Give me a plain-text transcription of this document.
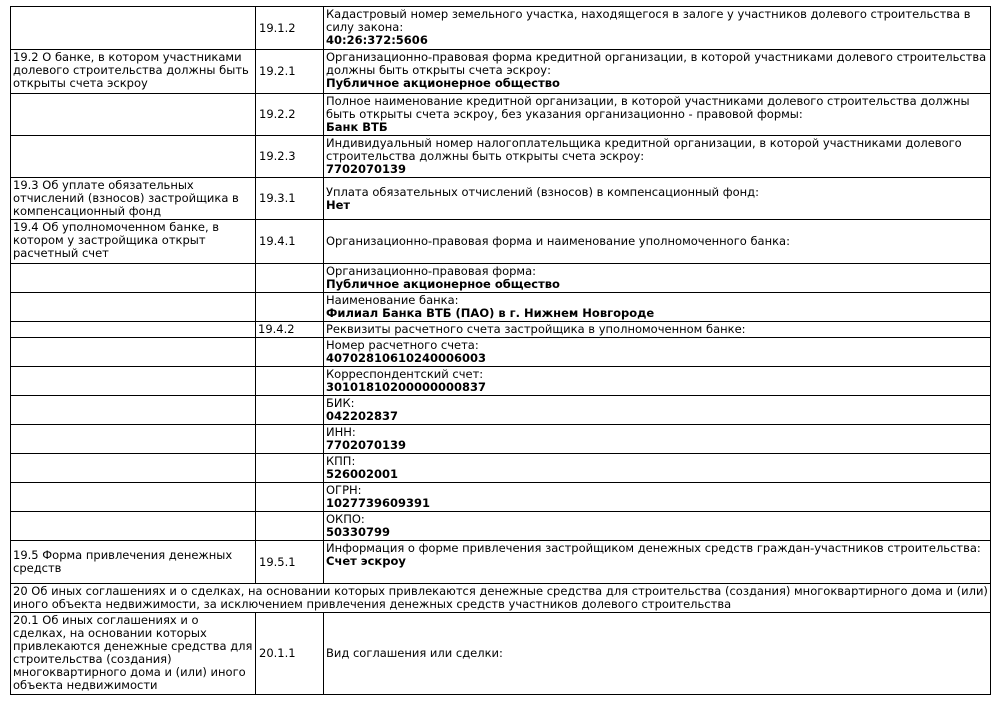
	19.1.2	Кадастровый номер земельного участка, находящегося в залоге у участников долевого строительства в силу закона:
40:26:372:5606

19.2 О банке, в котором участниками долевого строительства должны быть открыты счета эскроу	19.2.1	Организационно-правовая форма кредитной организации, в которой участниками долевого строительства должны быть открыты счета эскроу:
Публичное акционерное общество

	19.2.2	Полное наименование кредитной организации, в которой участниками долевого строительства должны быть открыты счета эскроу, без указания организационно - правовой формы:
Банк ВТБ

	19.2.3	Индивидуальный номер налогоплательщика кредитной организации, в которой участниками долевого строительства должны быть открыты счета эскроу:
7702070139

19.3 Об уплате обязательных отчислений (взносов) застройщика в компенсационный фонд	19.3.1	Уплата обязательных отчислений (взносов) в компенсационный фонд:
Нет

19.4 Об уполномоченном банке, в котором у застройщика открыт расчетный счет	19.4.1	Организационно-правовая форма и наименование уполномоченного банка:

		Организационно-правовая форма:
Публичное акционерное общество

		Наименование банка:
Филиал Банка ВТБ (ПАО) в г. Нижнем Новгороде

	19.4.2	Реквизиты расчетного счета застройщика в уполномоченном банке:

		Номер расчетного счета:
40702810610240006003

		Корреспондентский счет:
30101810200000000837

		БИК:
042202837

		ИНН:
7702070139

		КПП:
526002001

		ОГРН:
1027739609391

		ОКПО:
50330799

19.5 Форма привлечения денежных средств	19.5.1	Информация о форме привлечения застройщиком денежных средств граждан-участников строительства:
Счет эскроу

20 Об иных соглашениях и о сделках, на основании которых привлекаются денежные средства для строительства (создания) многоквартирного дома и (или) иного объекта недвижимости, за исключением привлечения денежных средств участников долевого строительства		
20.1 Об иных соглашениях и о сделках, на основании которых привлекаются денежные средства для строительства (создания) многоквартирного дома и (или) иного объекта недвижимости	20.1.1	Вид соглашения или сделки:
